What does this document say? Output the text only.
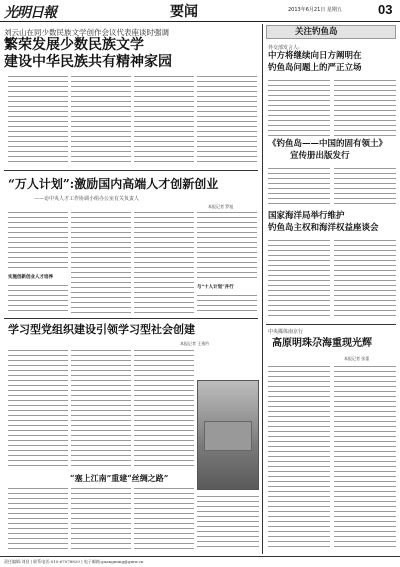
光明日報	要闻	2013年6月21日 星期五	03
刘云山在同少数民族文学创作会议代表座谈时强调
繁荣发展少数民族文学
建设中华民族共有精神家园
“万人计划”:激励国内高端人才创新创业
——访中央人才工作协调小组办公室有关负责人
本报记者 罗旭
实施创新创业人才培养
与“十人计划”并行
学习型党组织建设引领学习型社会创建
本报记者 王逸吟
“塞上江南”重建“丝绸之路”
关注钓鱼岛
外交部发言人:
中方将继续向日方阐明在
钓鱼岛问题上的严正立场
《钓鱼岛——中国的固有领土》
宣传册出版发行
国家海洋局举行维护
钓鱼岛主权和海洋权益座谈会
中央媒体南京行
高原明珠尕海重现光辉
本报记者 张蕾
责任编辑:刘昌 | 联系电话:010-67078820 | 电子邮箱:guangming@gmw.cn
